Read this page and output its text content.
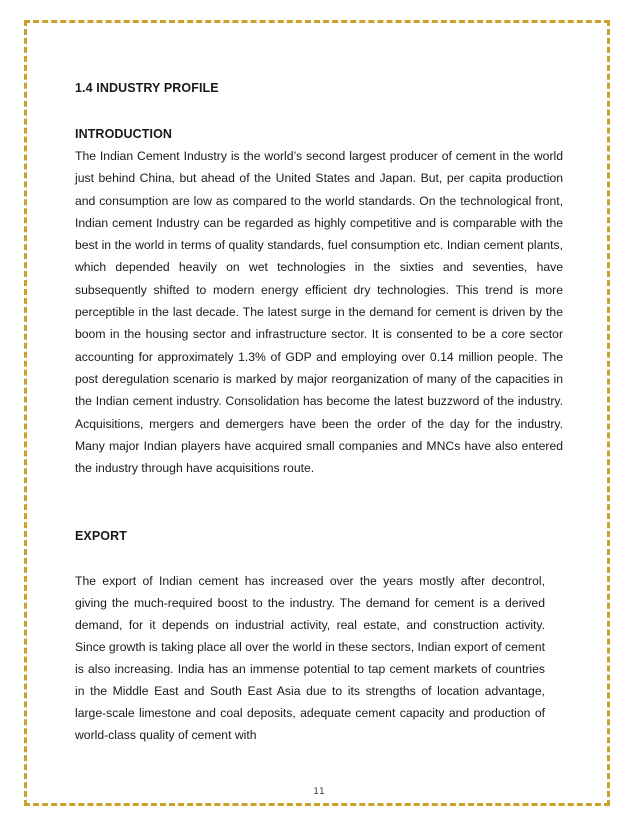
1.4 INDUSTRY PROFILE
INTRODUCTION

The Indian Cement Industry is the world’s second largest producer of cement in the world just behind China, but ahead of the United States and Japan. But, per capita production and consumption are low as compared to the world standards. On the technological front, Indian cement Industry can be regarded as highly competitive and is comparable with the best in the world in terms of quality standards, fuel consumption etc. Indian cement plants, which depended heavily on wet technologies in the sixties and seventies, have subsequently shifted to modern energy efficient dry technologies. This trend is more perceptible in the last decade. The latest surge in the demand for cement is driven by the boom in the housing sector and infrastructure sector. It is consented to be a core sector accounting for approximately 1.3% of GDP and employing over 0.14 million people. The post deregulation scenario is marked by major reorganization of many of the capacities in the Indian cement industry. Consolidation has become the latest buzzword of the industry. Acquisitions, mergers and demergers have been the order of the day for the industry. Many major Indian players have acquired small companies and MNCs have also entered the industry through have acquisitions route.

EXPORT

The export of Indian cement has increased over the years mostly after decontrol, giving the much-required boost to the industry. The demand for cement is a derived demand, for it depends on industrial activity, real estate, and construction activity. Since growth is taking place all over the world in these sectors, Indian export of cement is also increasing. India has an immense potential to tap cement markets of countries in the Middle East and South East Asia due to its strengths of location advantage, large-scale limestone and coal deposits, adequate cement capacity and production of world-class quality of cement with

11
